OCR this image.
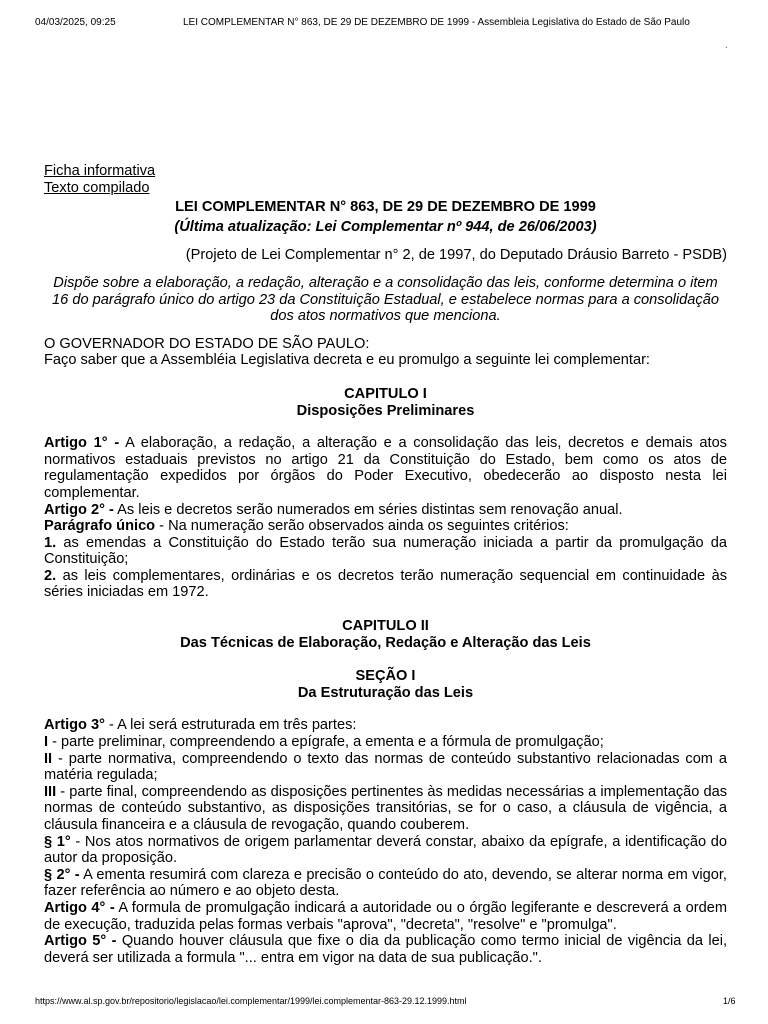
04/03/2025, 09:25	LEI COMPLEMENTAR N° 863, DE 29 DE DEZEMBRO DE 1999 - Assembleia Legislativa do Estado de São Paulo
.
Ficha informativa
Texto compilado
LEI COMPLEMENTAR N° 863, DE 29 DE DEZEMBRO DE 1999
(Última atualização: Lei Complementar nº 944, de 26/06/2003)
(Projeto de Lei Complementar n° 2, de 1997, do Deputado Dráusio Barreto - PSDB)
Dispõe sobre a elaboração, a redação, alteração e a consolidação das leis, conforme determina o item 16 do parágrafo único do artigo 23 da Constituição Estadual, e estabelece normas para a consolidação dos atos normativos que menciona.
O GOVERNADOR DO ESTADO DE SÃO PAULO:
Faço saber que a Assembléia Legislativa decreta e eu promulgo a seguinte lei complementar:
CAPITULO I
Disposições Preliminares
Artigo 1° - A elaboração, a redação, a alteração e a consolidação das leis, decretos e demais atos normativos estaduais previstos no artigo 21 da Constituição do Estado, bem como os atos de regulamentação expedidos por órgãos do Poder Executivo, obedecerão ao disposto nesta lei complementar.
Artigo 2° - As leis e decretos serão numerados em séries distintas sem renovação anual.
Parágrafo único - Na numeração serão observados ainda os seguintes critérios:
1. as emendas a Constituição do Estado terão sua numeração iniciada a partir da promulgação da Constituição;
2. as leis complementares, ordinárias e os decretos terão numeração sequencial em continuidade às séries iniciadas em 1972.
CAPITULO II
Das Técnicas de Elaboração, Redação e Alteração das Leis
SEÇÃO I
Da Estruturação das Leis
Artigo 3° - A lei será estruturada em três partes:
I - parte preliminar, compreendendo a epígrafe, a ementa e a fórmula de promulgação;
II - parte normativa, compreendendo o texto das normas de conteúdo substantivo relacionadas com a matéria regulada;
III - parte final, compreendendo as disposições pertinentes às medidas necessárias a implementação das normas de conteúdo substantivo, as disposições transitórias, se for o caso, a cláusula de vigência, a cláusula financeira e a cláusula de revogação, quando couberem.
§ 1° - Nos atos normativos de origem parlamentar deverá constar, abaixo da epígrafe, a identificação do autor da proposição.
§ 2° - A ementa resumirá com clareza e precisão o conteúdo do ato, devendo, se alterar norma em vigor, fazer referência ao número e ao objeto desta.
Artigo 4° - A formula de promulgação indicará a autoridade ou o órgão legiferante e descreverá a ordem de execução, traduzida pelas formas verbais "aprova", "decreta", "resolve" e "promulga".
Artigo 5° - Quando houver cláusula que fixe o dia da publicação como termo inicial de vigência da lei, deverá ser utilizada a formula "... entra em vigor na data de sua publicação.".
https://www.al.sp.gov.br/repositorio/legislacao/lei.complementar/1999/lei.complementar-863-29.12.1999.html	1/6
